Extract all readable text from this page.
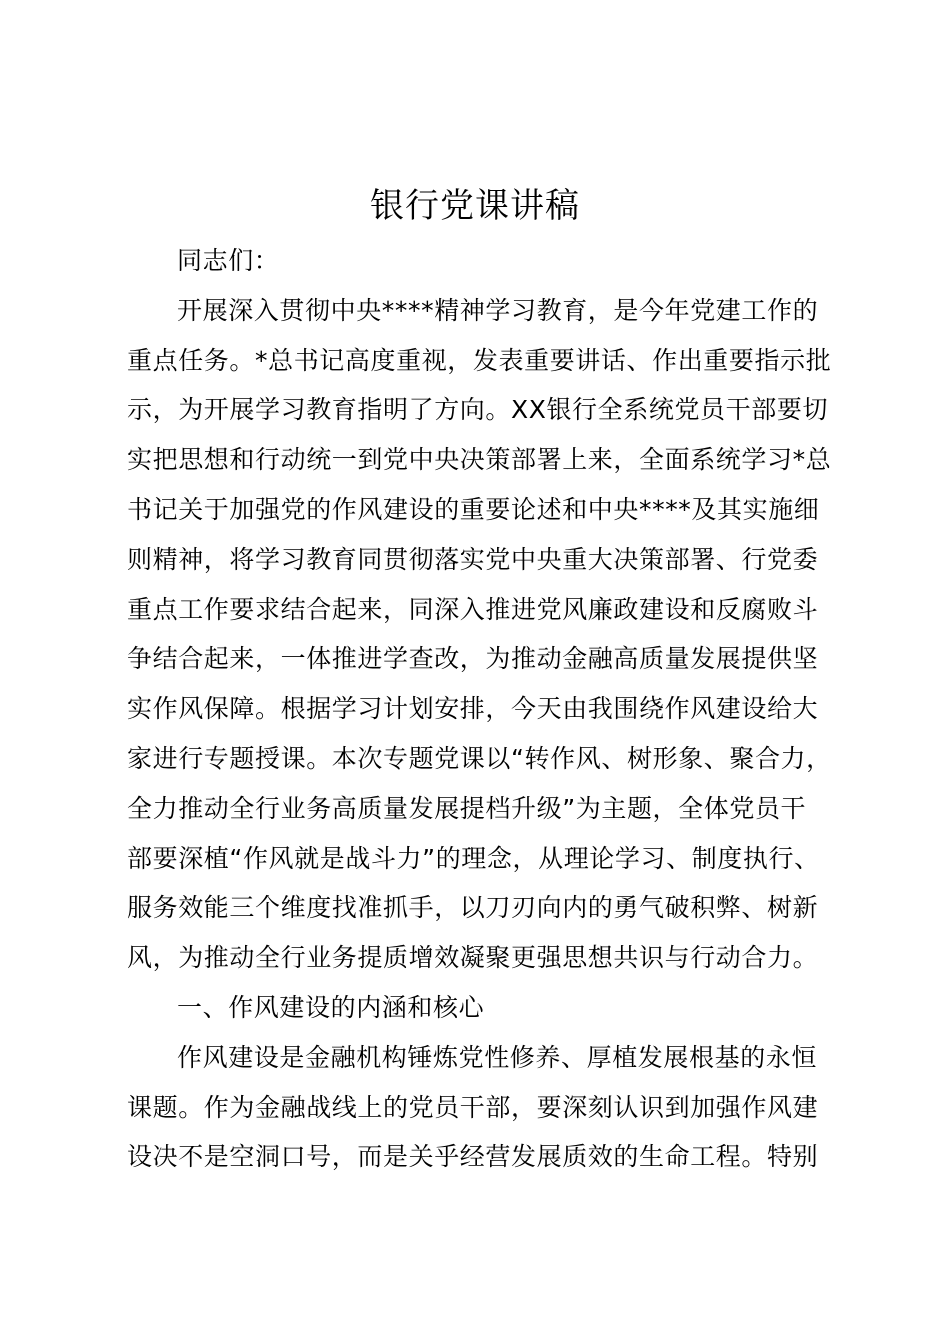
银行党课讲稿
同志们：
开展深入贯彻中央****精神学习教育，是今年党建工作的
重点任务。*总书记高度重视，发表重要讲话、作出重要指示批
示，为开展学习教育指明了方向。XX银行全系统党员干部要切
实把思想和行动统一到党中央决策部署上来，全面系统学习*总
书记关于加强党的作风建设的重要论述和中央****及其实施细
则精神，将学习教育同贯彻落实党中央重大决策部署、行党委
重点工作要求结合起来，同深入推进党风廉政建设和反腐败斗
争结合起来，一体推进学查改，为推动金融高质量发展提供坚
实作风保障。根据学习计划安排，今天由我围绕作风建设给大
家进行专题授课。本次专题党课以“转作风、树形象、聚合力，
全力推动全行业务高质量发展提档升级”为主题，全体党员干
部要深植“作风就是战斗力”的理念，从理论学习、制度执行、
服务效能三个维度找准抓手，以刀刃向内的勇气破积弊、树新
风，为推动全行业务提质增效凝聚更强思想共识与行动合力。
一、作风建设的内涵和核心
作风建设是金融机构锤炼党性修养、厚植发展根基的永恒
课题。作为金融战线上的党员干部，要深刻认识到加强作风建
设决不是空洞口号，而是关乎经营发展质效的生命工程。特别
